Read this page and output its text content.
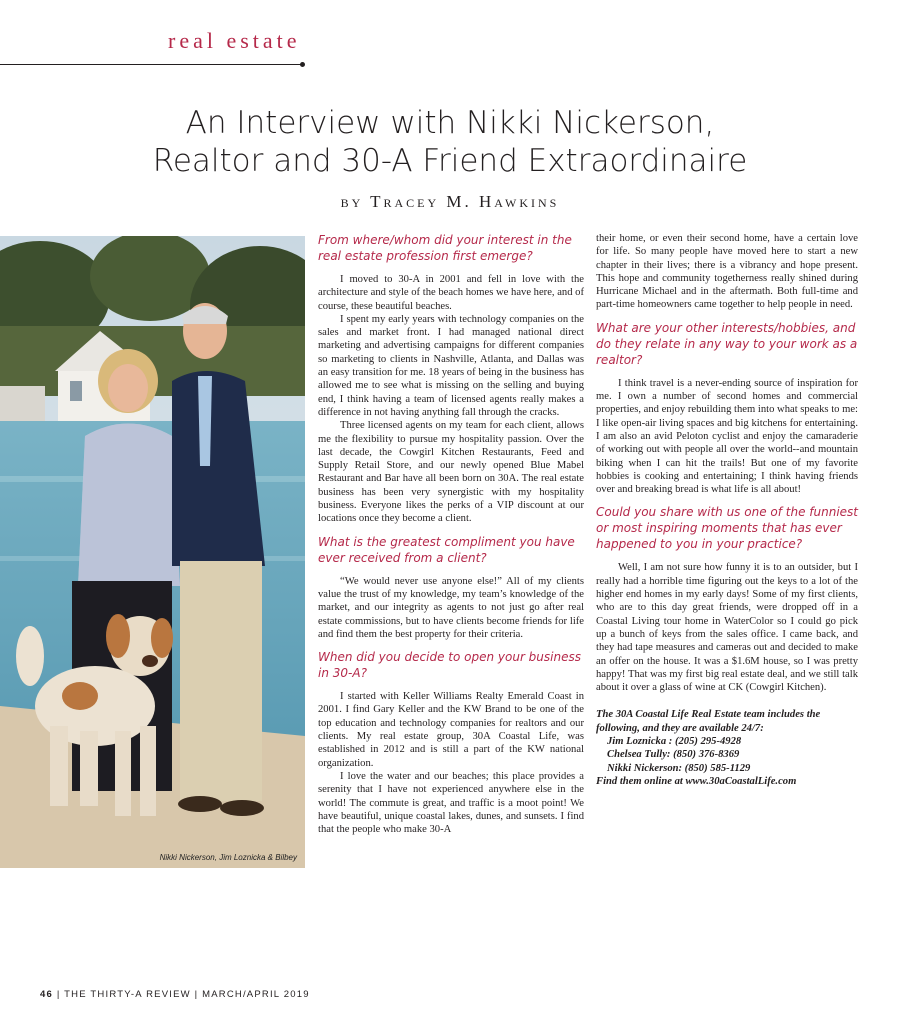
real estate
An Interview with Nikki Nickerson,
Realtor and 30-A Friend Extraordinaire
BY Tracey M. Hawkins
Nikki Nickerson, Jim Loznicka & Bilbey

From where/whom did your interest in the real estate profession first emerge?

I moved to 30-A in 2001 and fell in love with the architecture and style of the beach homes we have here, and of course, these beautiful beaches.

I spent my early years with technology companies on the sales and market front. I had managed national direct marketing and advertising campaigns for different companies so marketing to clients in Nashville, Atlanta, and Dallas was an easy transition for me. 18 years of being in the business has allowed me to see what is missing on the selling and buying end, I think having a team of licensed agents really makes a difference in not having anything fall through the cracks.

Three licensed agents on my team for each client, allows me the flexibility to pursue my hospitality passion. Over the last decade, the Cowgirl Kitchen Restaurants, Feed and Supply Retail Store, and our newly opened Blue Mabel Restaurant and Bar have all been born on 30A. The real estate business has been very synergistic with my hospitality business. Everyone likes the perks of a VIP discount at our locations once they become a client.

What is the greatest compliment you have ever received from a client?

“We would never use anyone else!” All of my clients value the trust of my knowledge, my team’s knowledge of the market, and our integrity as agents to not just go after real estate commissions, but to have clients become friends for life and find them the best property for their criteria.

When did you decide to open your business in 30-A?

I started with Keller Williams Realty Emerald Coast in 2001. I find Gary Keller and the KW Brand to be one of the top education and technology companies for realtors and our clients. My real estate group, 30A Coastal Life, was established in 2012 and is still a part of the KW national organization.

I love the water and our beaches; this place provides a serenity that I have not experienced anywhere else in the world! The commute is great, and traffic is a moot point! We have beautiful, unique coastal lakes, dunes, and sunsets. I find that the people who make 30-A

their home, or even their second home, have a certain love for life. So many people have moved here to start a new chapter in their lives; there is a vibrancy and hope present. This hope and community togetherness really shined during Hurricane Michael and in the aftermath. Both full-time and part-time homeowners came together to help people in need.

What are your other interests/hobbies, and do they relate in any way to your work as a realtor?

I think travel is a never-ending source of inspiration for me. I own a number of second homes and commercial properties, and enjoy rebuilding them into what speaks to me: I like open-air living spaces and big kitchens for entertaining. I am also an avid Peloton cyclist and enjoy the camaraderie of working out with people all over the world--and mountain biking when I can hit the trails! But one of my favorite hobbies is cooking and entertaining; I think having friends over and breaking bread is what life is all about!

Could you share with us one of the funniest or most inspiring moments that has ever happened to you in your practice?

Well, I am not sure how funny it is to an outsider, but I really had a horrible time figuring out the keys to a lot of the higher end homes in my early days! Some of my first clients, who are to this day great friends, were dropped off in a Coastal Living tour home in WaterColor so I could go pick up a bunch of keys from the sales office. I came back, and they had tape measures and cameras out and decided to make an offer on the house. It was a $1.6M house, so I was pretty happy! That was my first big real estate deal, and we still talk about it over a glass of wine at CK (Cowgirl Kitchen).

The 30A Coastal Life Real Estate team includes the following, and they are available 24/7:
Jim Loznicka : (205) 295-4928
Chelsea Tully: (850) 376-8369
Nikki Nickerson: (850) 585-1129
Find them online at www.30aCoastalLife.com
46 | THE THIRTY-A REVIEW | MARCH/APRIL 2019
